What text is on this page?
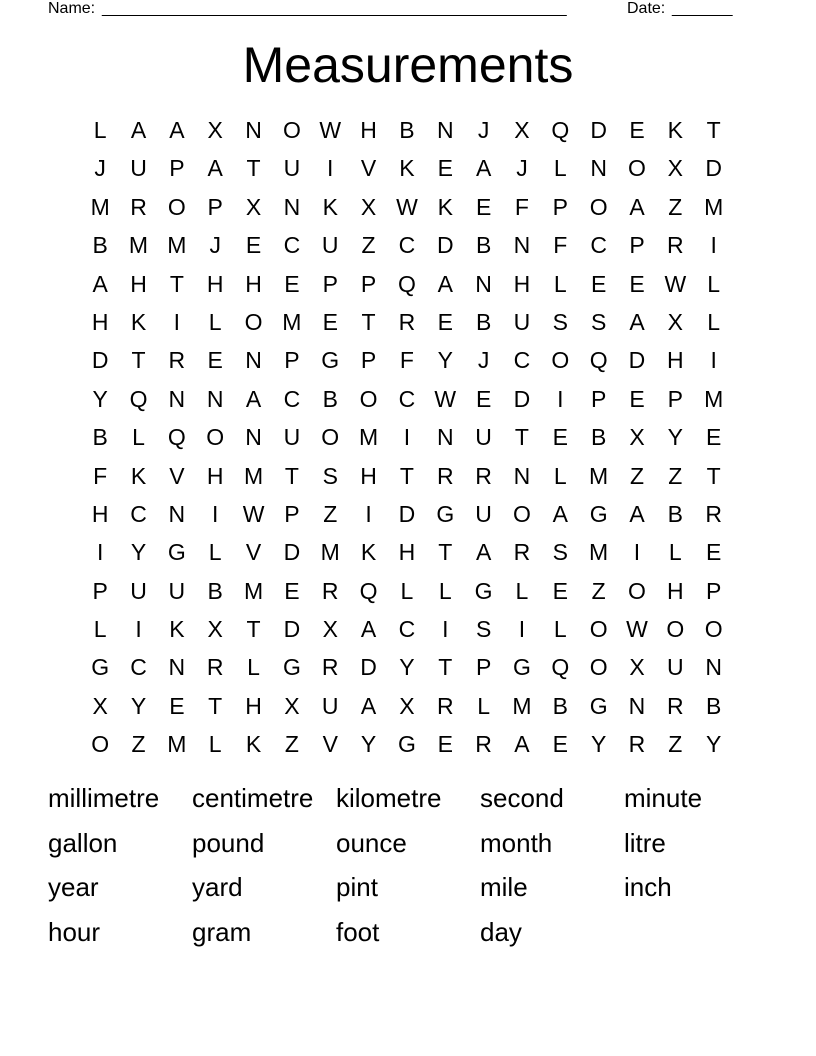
Name: ______________________________________________________	Date: _______
Measurements
L	A	A	X N O W H B N	J	X Q D E	K	T
J	U P	A	T	U	I	V	K	E	A	J	L	N O X D
M R O P	X N K	X W K	E	F	P O A	Z M
B M M	J	E C U	Z	C D B N	F	C P R	I
A H	T	H H E	P	P Q A N H	L	E	E W L
H K	I	L	O M E	T	R E	B U S	S	A	X	L
D	T	R E N P G P	F	Y	J	C O Q D H	I
Y Q N N A C B O C W E D	I	P	E	P M
B	L	Q O N U O M	I	N U	T	E	B	X	Y	E
F	K	V H M T	S H	T	R R N	L M Z	Z	T
H C N	I	W P	Z	I	D G U O A G A	B R
I	Y G	L	V D M K H	T	A R S M	I	L	E
P U U B M E R Q	L	L	G	L	E	Z O H P
L	I	K	X	T	D X	A C	I	S	I	L	O W O O
G C N R	L	G R D Y	T	P G Q O X U N
X	Y	E	T	H X U A	X R	L M B G N R B
O Z M L	K	Z	V	Y G E R A	E	Y R	Z	Y
millimetre	centimetre kilometre	second	minute
gallon	pound	ounce	month	litre
year	yard	pint	mile	inch
hour	gram	foot	day
